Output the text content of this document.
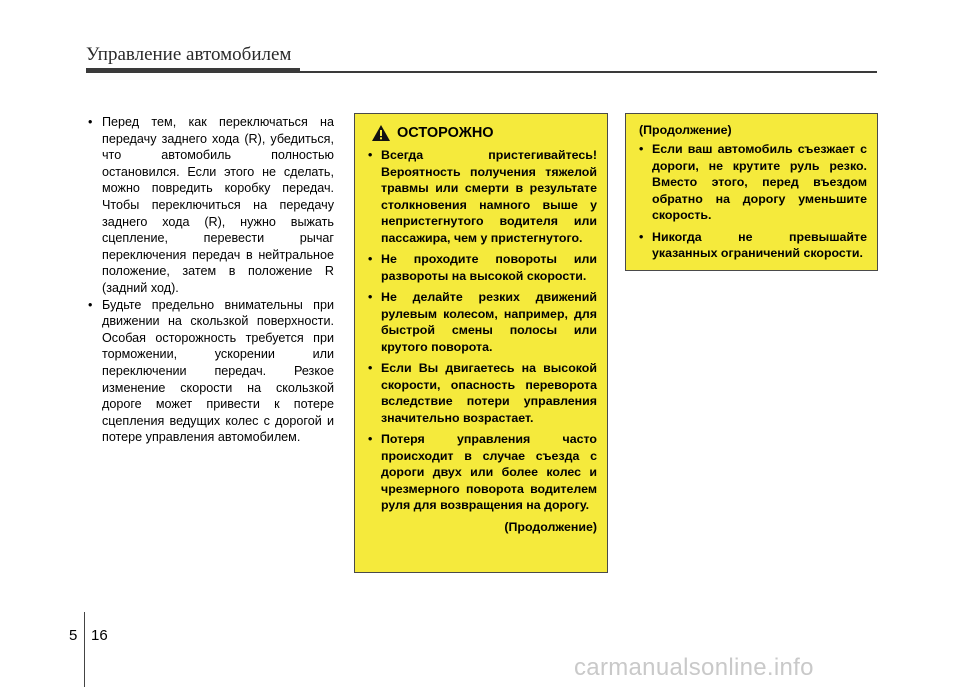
Управление автомобилем
• Перед тем, как переключаться на передачу заднего хода (R), убедиться, что автомобиль полностью остановился. Если этого не сделать, можно повредить коробку передач. Чтобы переключиться на передачу заднего хода (R), нужно выжать сцепление, перевести рычаг переключения передач в нейтральное положение, затем в положение R (задний ход).
• Будьте предельно внимательны при движении на скользкой поверхности. Особая осторожность требуется при торможении, ускорении или переключении передач. Резкое изменение скорости на скользкой дороге может привести к потере сцепления ведущих колес с дорогой и потере управления автомобилем.
ОСТОРОЖНО
• Всегда пристегивайтесь! Вероятность получения тяжелой травмы или смерти в результате столкновения намного выше у непристегнутого водителя или пассажира, чем у пристегнутого.
• Не проходите повороты или развороты на высокой скорости.
• Не делайте резких движений рулевым колесом, например, для быстрой смены полосы или крутого поворота.
• Если Вы двигаетесь на высокой скорости, опасность переворота вследствие потери управления значительно возрастает.
• Потеря управления часто происходит в случае съезда с дороги двух или более колес и чрезмерного поворота водителем руля для возвращения на дорогу.
(Продолжение)
(Продолжение)
• Если ваш автомобиль съезжает с дороги, не крутите руль резко. Вместо этого, перед въездом обратно на дорогу уменьшите скорость.
• Никогда не превышайте указанных ограничений скорости.
5 16
carmanualsonline.info
